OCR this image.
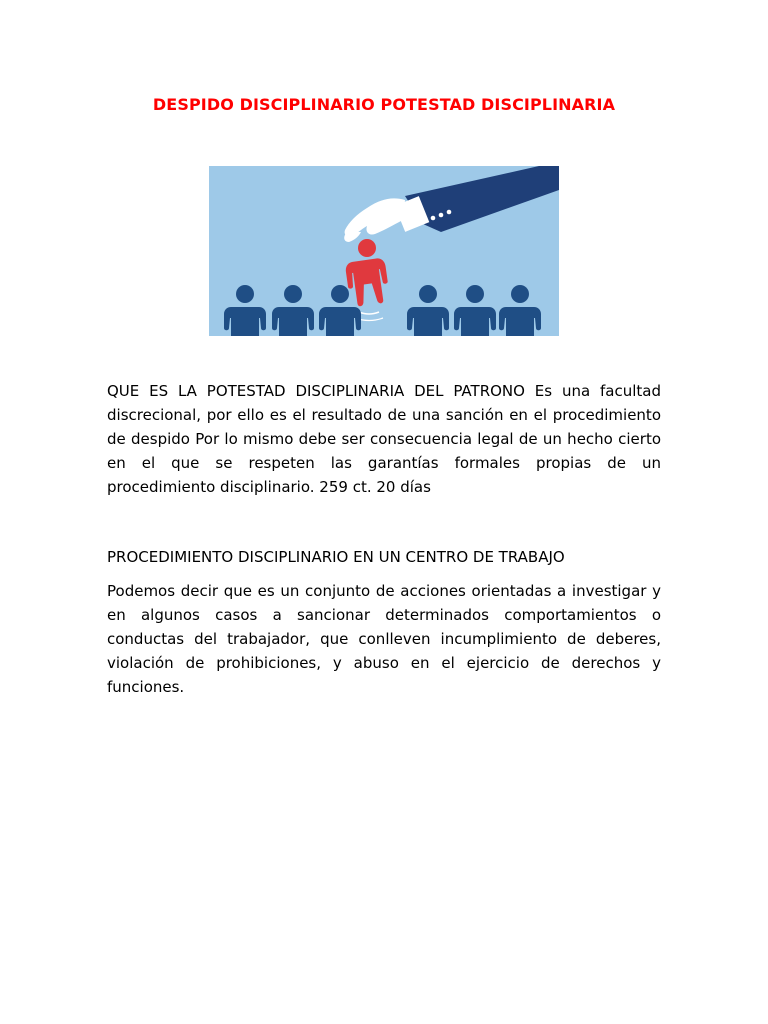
DESPIDO DISCIPLINARIO POTESTAD DISCIPLINARIA

QUE ES LA POTESTAD DISCIPLINARIA DEL PATRONO Es una facultad discrecional, por ello es el resultado de una sanción en el procedimiento de despido Por lo mismo debe ser consecuencia legal de un hecho cierto en el que se respeten las garantías formales propias de un procedimiento disciplinario. 259 ct. 20 días

PROCEDIMIENTO DISCIPLINARIO EN UN CENTRO DE TRABAJO

Podemos decir que es un conjunto de acciones orientadas a investigar y en algunos casos a sancionar determinados comportamientos o conductas del trabajador, que conlleven incumplimiento de deberes, violación de prohibiciones, y abuso en el ejercicio de derechos y funciones.
